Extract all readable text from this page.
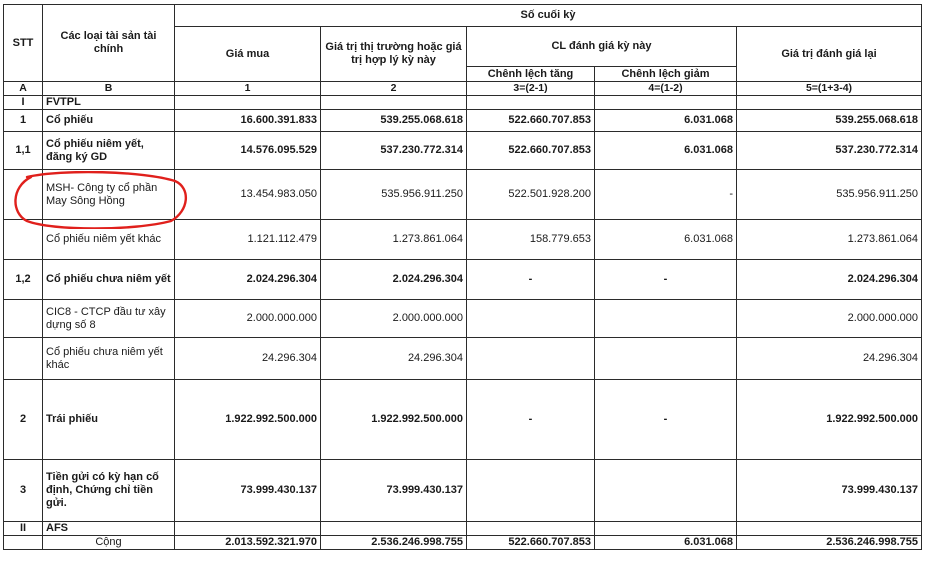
STT	Các loại tài sản tài chính	Số cuối kỳ				
		Giá mua	Giá trị thị trường hoặc giá trị hợp lý kỳ này	CL đánh giá kỳ này		Giá trị đánh giá lại
				Chênh lệch tăng	Chênh lệch giảm	
A	B	1	2	3=(2-1)	4=(1-2)	5=(1+3-4)
I	FVTPL					
1	Cổ phiếu	16.600.391.833	539.255.068.618	522.660.707.853	6.031.068	539.255.068.618
1,1	Cổ phiếu niêm yết, đăng ký GD	14.576.095.529	537.230.772.314	522.660.707.853	6.031.068	537.230.772.314
	MSH- Công ty cổ phần May Sông Hồng	13.454.983.050	535.956.911.250	522.501.928.200	-	535.956.911.250
	Cổ phiếu niêm yết khác	1.121.112.479	1.273.861.064	158.779.653	6.031.068	1.273.861.064
1,2	Cổ phiếu chưa niêm yết	2.024.296.304	2.024.296.304	-	-	2.024.296.304
	CIC8 - CTCP đầu tư xây dựng số 8	2.000.000.000	2.000.000.000			2.000.000.000
	Cổ phiếu chưa niêm yết khác	24.296.304	24.296.304			24.296.304
2	Trái phiếu	1.922.992.500.000	1.922.992.500.000	-	-	1.922.992.500.000
3	Tiền gửi có kỳ hạn cố định, Chứng chỉ tiền gửi.	73.999.430.137	73.999.430.137			73.999.430.137
II	AFS					
	Cộng	2.013.592.321.970	2.536.246.998.755	522.660.707.853	6.031.068	2.536.246.998.755
